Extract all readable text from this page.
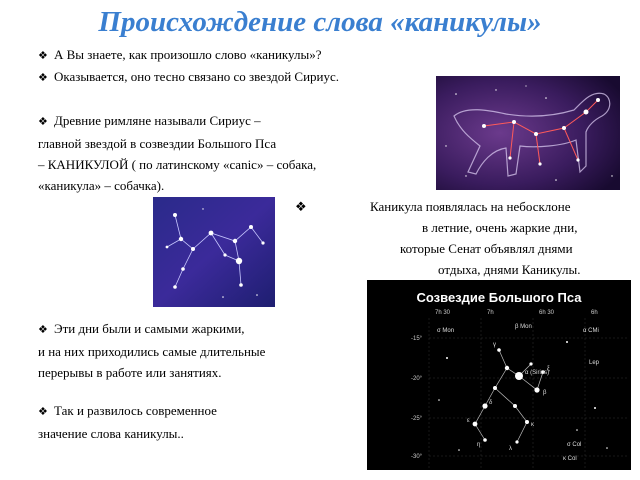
Происхождение слова «каникулы»
❖ А Вы знаете, как произошло слово «каникулы»?
❖ Оказывается, оно тесно связано со звездой Сириус.
❖ Древние римляне называли Сириус –
главной звездой в созвездии Большого Пса
– КАНИКУЛОЙ ( по латинскому «canic» – собака,
«каникула» – собачка).
❖	Каникула появлялась на небосклоне
в летние, очень жаркие дни,
которые Сенат объявлял днями
отдыха, днями Каникулы.
❖ Эти дни были и самыми жаркими,
и на них приходились самые длительные
перерывы в работе или занятиях.
❖ Так и развилось современное
значение слова каникулы..
Созвездие Большого Пса
7h 30	7h	6h 30	6h
-15°
-20°
-25°
-30°
σ Mon
β Mon
α CMi
Lep
α (Sirius)
β
γ
ξ
δ
ε
η
κ
λ
σ Col
κ Col
